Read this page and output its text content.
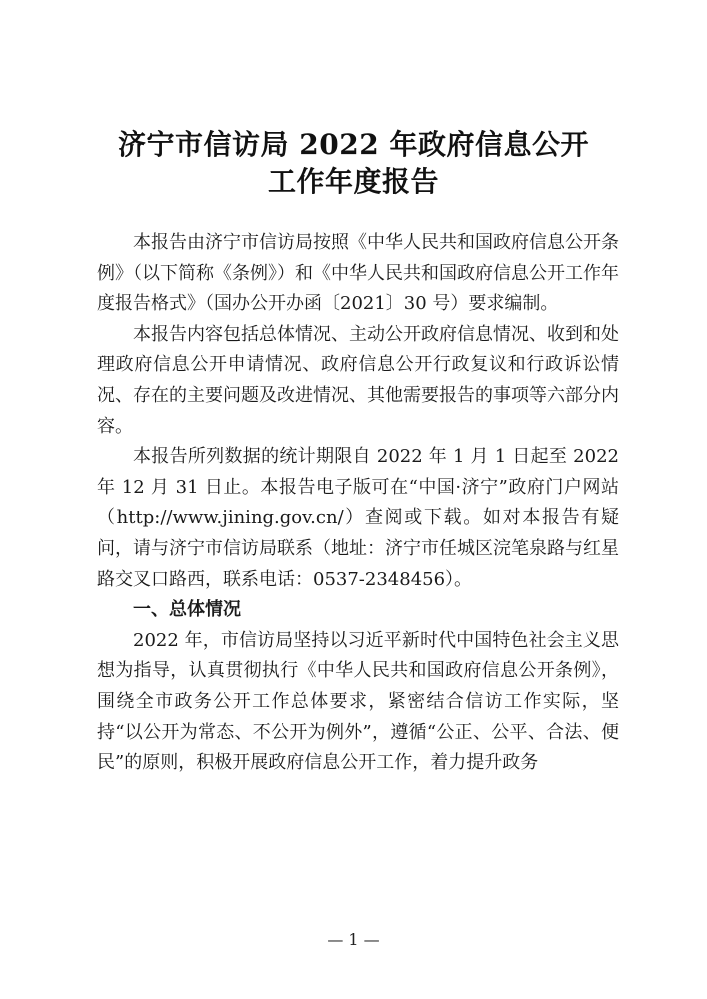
济宁市信访局 2022 年政府信息公开
工作年度报告

本报告由济宁市信访局按照《中华人民共和国政府信息公开条例》（以下简称《条例》）和《中华人民共和国政府信息公开工作年度报告格式》（国办公开办函〔2021〕30 号）要求编制。

本报告内容包括总体情况、主动公开政府信息情况、收到和处理政府信息公开申请情况、政府信息公开行政复议和行政诉讼情况、存在的主要问题及改进情况、其他需要报告的事项等六部分内容。

本报告所列数据的统计期限自 2022 年 1 月 1 日起至 2022 年 12 月 31 日止。本报告电子版可在“中国·济宁”政府门户网站（http://www.jining.gov.cn/）查阅或下载。如对本报告有疑问，请与济宁市信访局联系（地址：济宁市任城区浣笔泉路与红星路交叉口路西，联系电话：0537-2348456）。

一、总体情况

2022 年，市信访局坚持以习近平新时代中国特色社会主义思想为指导，认真贯彻执行《中华人民共和国政府信息公开条例》，围绕全市政务公开工作总体要求，紧密结合信访工作实际，坚持“以公开为常态、不公开为例外”，遵循“公正、公平、合法、便民”的原则，积极开展政府信息公开工作，着力提升政务

— 1 —
